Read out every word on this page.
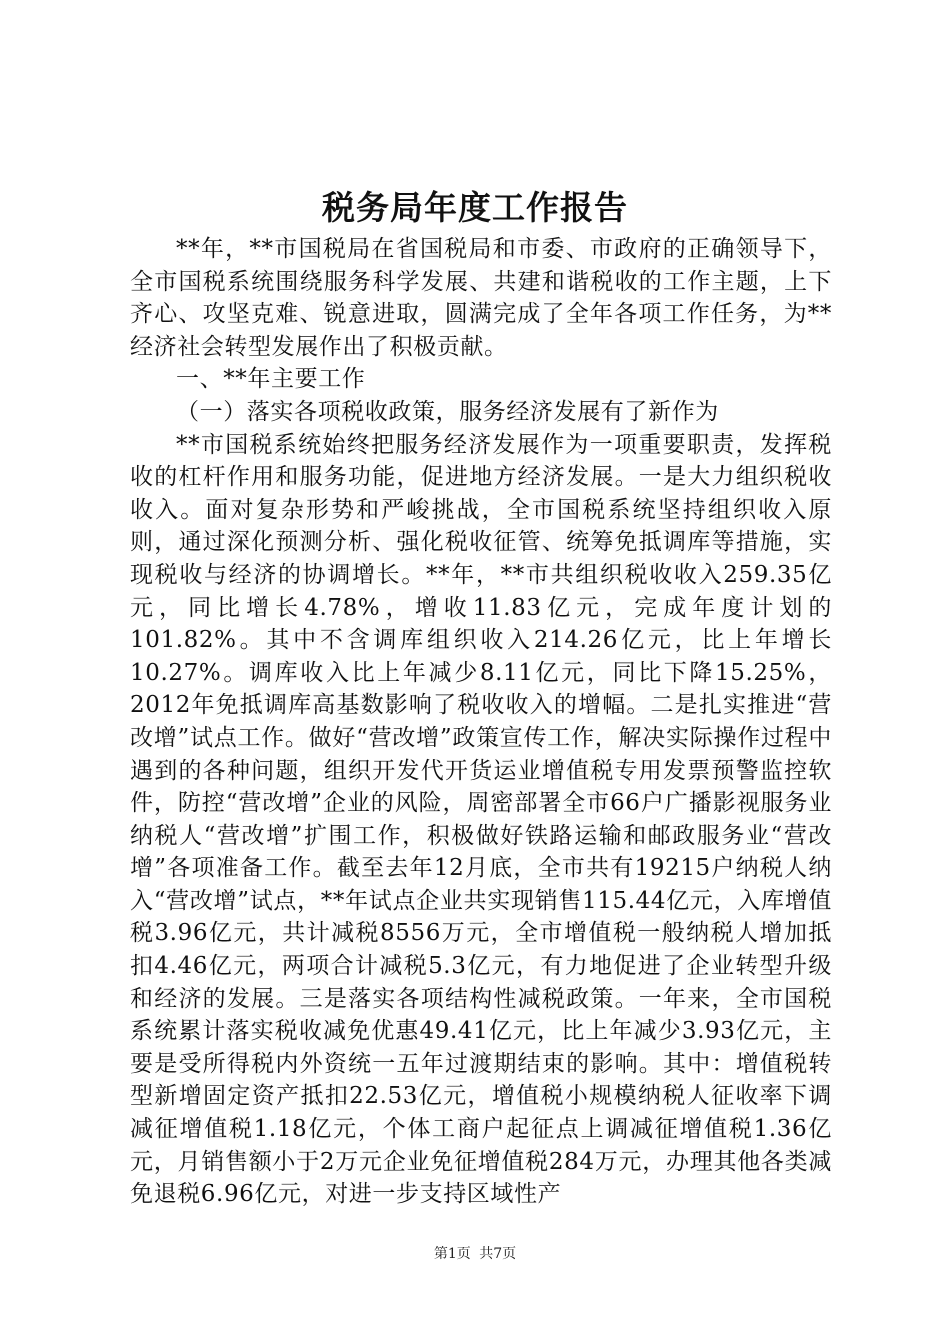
税务局年度工作报告

**年，**市国税局在省国税局和市委、市政府的正确领导下，全市国税系统围绕服务科学发展、共建和谐税收的工作主题，上下齐心、攻坚克难、锐意进取，圆满完成了全年各项工作任务，为**经济社会转型发展作出了积极贡献。

一、**年主要工作

（一）落实各项税收政策，服务经济发展有了新作为

**市国税系统始终把服务经济发展作为一项重要职责，发挥税收的杠杆作用和服务功能，促进地方经济发展。一是大力组织税收收入。面对复杂形势和严峻挑战，全市国税系统坚持组织收入原则，通过深化预测分析、强化税收征管、统筹免抵调库等措施，实现税收与经济的协调增长。**年，**市共组织税收收入259.35亿元，同比增长4.78%，增收11.83亿元，完成年度计划的101.82%。其中不含调库组织收入214.26亿元，比上年增长10.27%。调库收入比上年减少8.11亿元，同比下降15.25%，2012年免抵调库高基数影响了税收收入的增幅。二是扎实推进“营改增”试点工作。做好“营改增”政策宣传工作，解决实际操作过程中遇到的各种问题，组织开发代开货运业增值税专用发票预警监控软件，防控“营改增”企业的风险，周密部署全市66户广播影视服务业纳税人“营改增”扩围工作，积极做好铁路运输和邮政服务业“营改增”各项准备工作。截至去年12月底，全市共有19215户纳税人纳入“营改增”试点，**年试点企业共实现销售115.44亿元，入库增值税3.96亿元，共计减税8556万元，全市增值税一般纳税人增加抵扣4.46亿元，两项合计减税5.3亿元，有力地促进了企业转型升级和经济的发展。三是落实各项结构性减税政策。一年来，全市国税系统累计落实税收减免优惠49.41亿元，比上年减少3.93亿元，主要是受所得税内外资统一五年过渡期结束的影响。其中：增值税转型新增固定资产抵扣22.53亿元，增值税小规模纳税人征收率下调减征增值税1.18亿元，个体工商户起征点上调减征增值税1.36亿元，月销售额小于2万元企业免征增值税284万元，办理其他各类减免退税6.96亿元，对进一步支持区域性产

第1页 共7页
